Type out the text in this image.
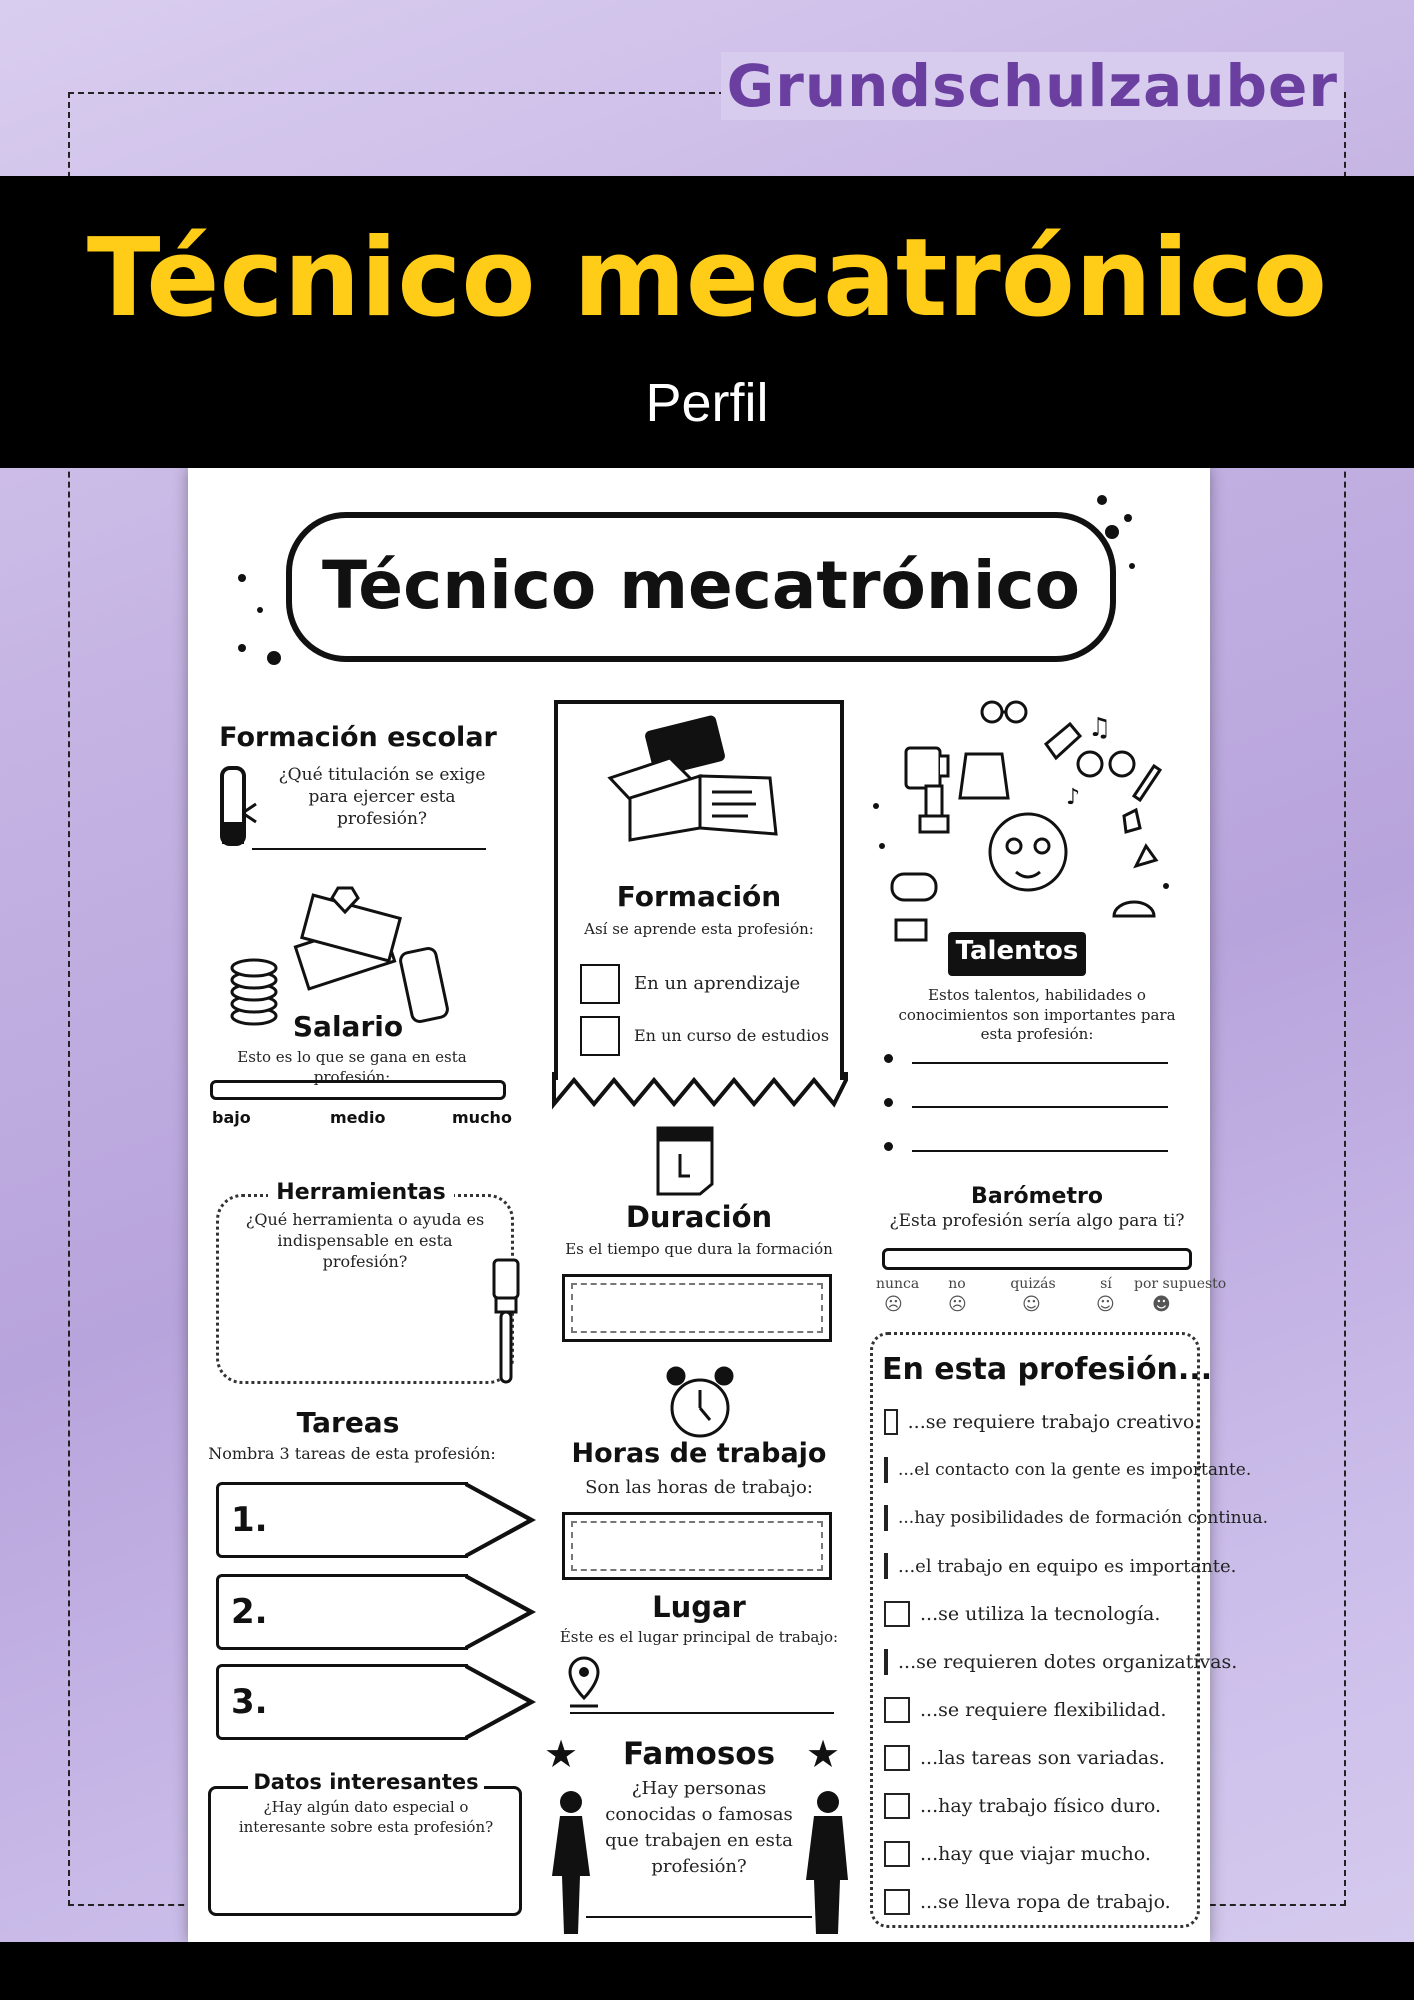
Grundschulzauber
Técnico mecatrónico
Perfil
Técnico mecatrónico
Formación escolar
¿Qué titulación se exige para ejercer esta profesión?
Salario
Esto es lo que se gana en esta profesión:
bajo	medio	mucho
Herramientas
¿Qué herramienta o ayuda es indispensable en esta profesión?
Tareas
Nombra 3 tareas de esta profesión:
1.
2.
3.
Datos interesantes
¿Hay algún dato especial o interesante sobre esta profesión?
Formación
Así se aprende esta profesión:
En un aprendizaje
En un curso de estudios
Duración
Es el tiempo que dura la formación
Horas de trabajo
Son las horas de trabajo:
Lugar
Éste es el lugar principal de trabajo:
Famosos
★	★
¿Hay personas conocidas o famosas que trabajen en esta profesión?
♫
♪
Talentos
Estos talentos, habilidades o conocimientos son importantes para esta profesión:
Barómetro
¿Esta profesión sería algo para ti?
nunca	no	quizás	sí por supuesto
☹	☹	☺	☺ ☻
En esta profesión...
...se requiere trabajo creativo.
...el contacto con la gente es importante.
...hay posibilidades de formación continua.
...el trabajo en equipo es importante.
...se utiliza la tecnología.
...se requieren dotes organizativas.
...se requiere flexibilidad.
...las tareas son variadas.
...hay trabajo físico duro.
...hay que viajar mucho.
...se lleva ropa de trabajo.
